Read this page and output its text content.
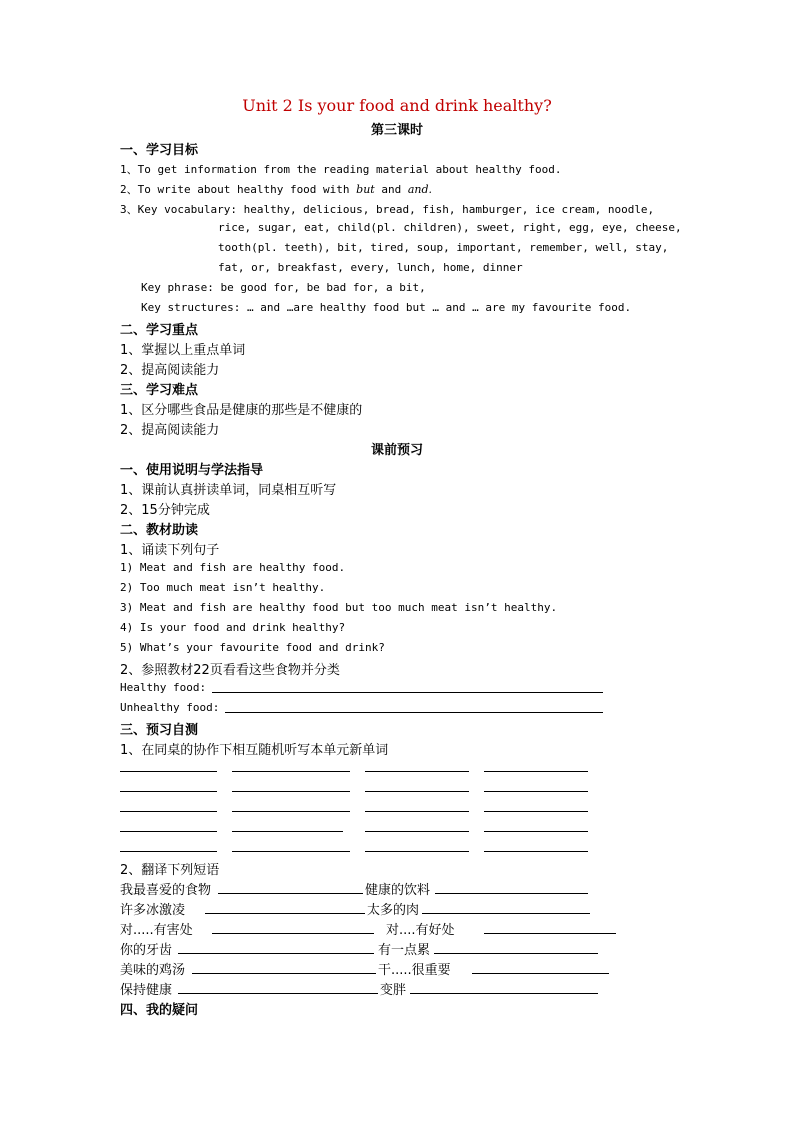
Unit 2 Is your food and drink healthy?
第三课时
一、学习目标
1、To get information from the reading material about healthy food.
2、To write about healthy food with but and and.
3、Key vocabulary: healthy, delicious, bread, fish, hamburger, ice cream, noodle,
rice, sugar, eat, child(pl. children), sweet, right, egg, eye, cheese,
tooth(pl. teeth), bit, tired, soup, important, remember, well, stay,
fat, or, breakfast, every, lunch, home, dinner
Key phrase: be good for, be bad for, a bit,
Key structures: … and …are healthy food but … and … are my favourite food.
二、学习重点
1、掌握以上重点单词
2、提高阅读能力
三、学习难点
1、区分哪些食品是健康的那些是不健康的
2、提高阅读能力
课前预习
一、使用说明与学法指导
1、课前认真拼读单词，同桌相互听写
2、15分钟完成
二、教材助读
1、诵读下列句子
1) Meat and fish are healthy food.
2) Too much meat isn’t healthy.
3) Meat and fish are healthy food but too much meat isn’t healthy.
4) Is your food and drink healthy?
5) What’s your favourite food and drink?
2、参照教材22页看看这些食物并分类
Healthy food:
Unhealthy food:
三、预习自测
1、在同桌的协作下相互随机听写本单元新单词
2、翻译下列短语
我最喜爱的食物	健康的饮料
许多冰激凌	太多的肉
对.....有害处	对....有好处
你的牙齿	有一点累
美味的鸡汤	干.....很重要
保持健康	变胖
四、我的疑问
